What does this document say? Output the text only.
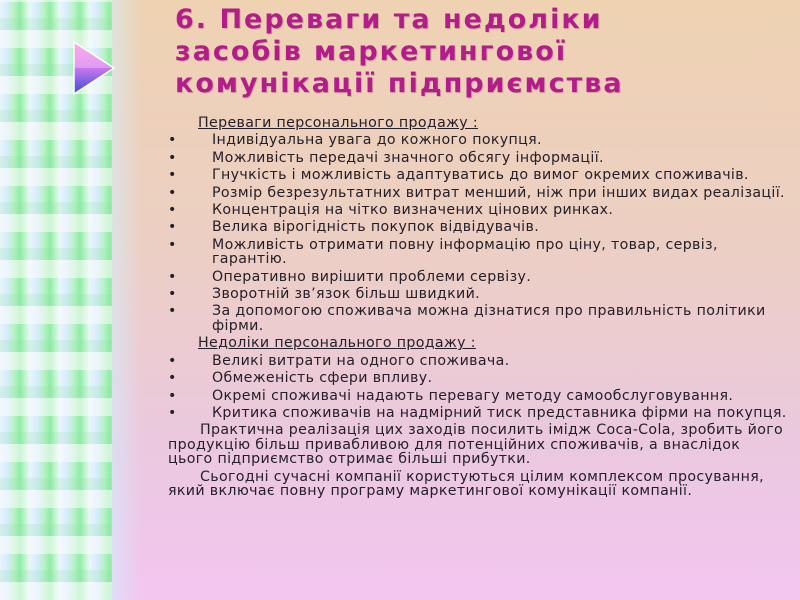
6. Переваги та недоліки засобів маркетингової комунікації підприємства
Переваги персонального продажу :
•	Індивідуальна увага до кожного покупця.
•	Можливість передачі значного обсягу інформації.
•	Гнучкість і можливість адаптуватись до вимог окремих споживачів.
•	Розмір безрезультатних витрат менший, ніж при інших видах реалізації.
•	Концентрація на чітко визначених цінових ринках.
•	Велика вірогідність покупок відвідувачів.
•	Можливість отримати повну інформацію про ціну, товар, сервіз, гарантію.
•	Оперативно вирішити проблеми сервізу.
•	Зворотній зв’язок більш швидкий.
•	За допомогою споживача можна дізнатися про правильність політики фірми.
Недоліки персонального продажу :
•	Великі витрати на одного споживача.
•	Обмеженість сфери впливу.
•	Окремі споживачі надають перевагу методу самообслуговування.
•	Критика споживачів на надмірний тиск представника фірми на покупця.

Практична реалізація цих заходів посилить імідж Coca-Cola, зробить його продукцію більш привабливою для потенційних споживачів, а внаслідок цього підприємство отримає більші прибутки.

Сьогодні сучасні компанії користуються цілим комплексом просування, який включає повну програму маркетингової комунікації компанії.
